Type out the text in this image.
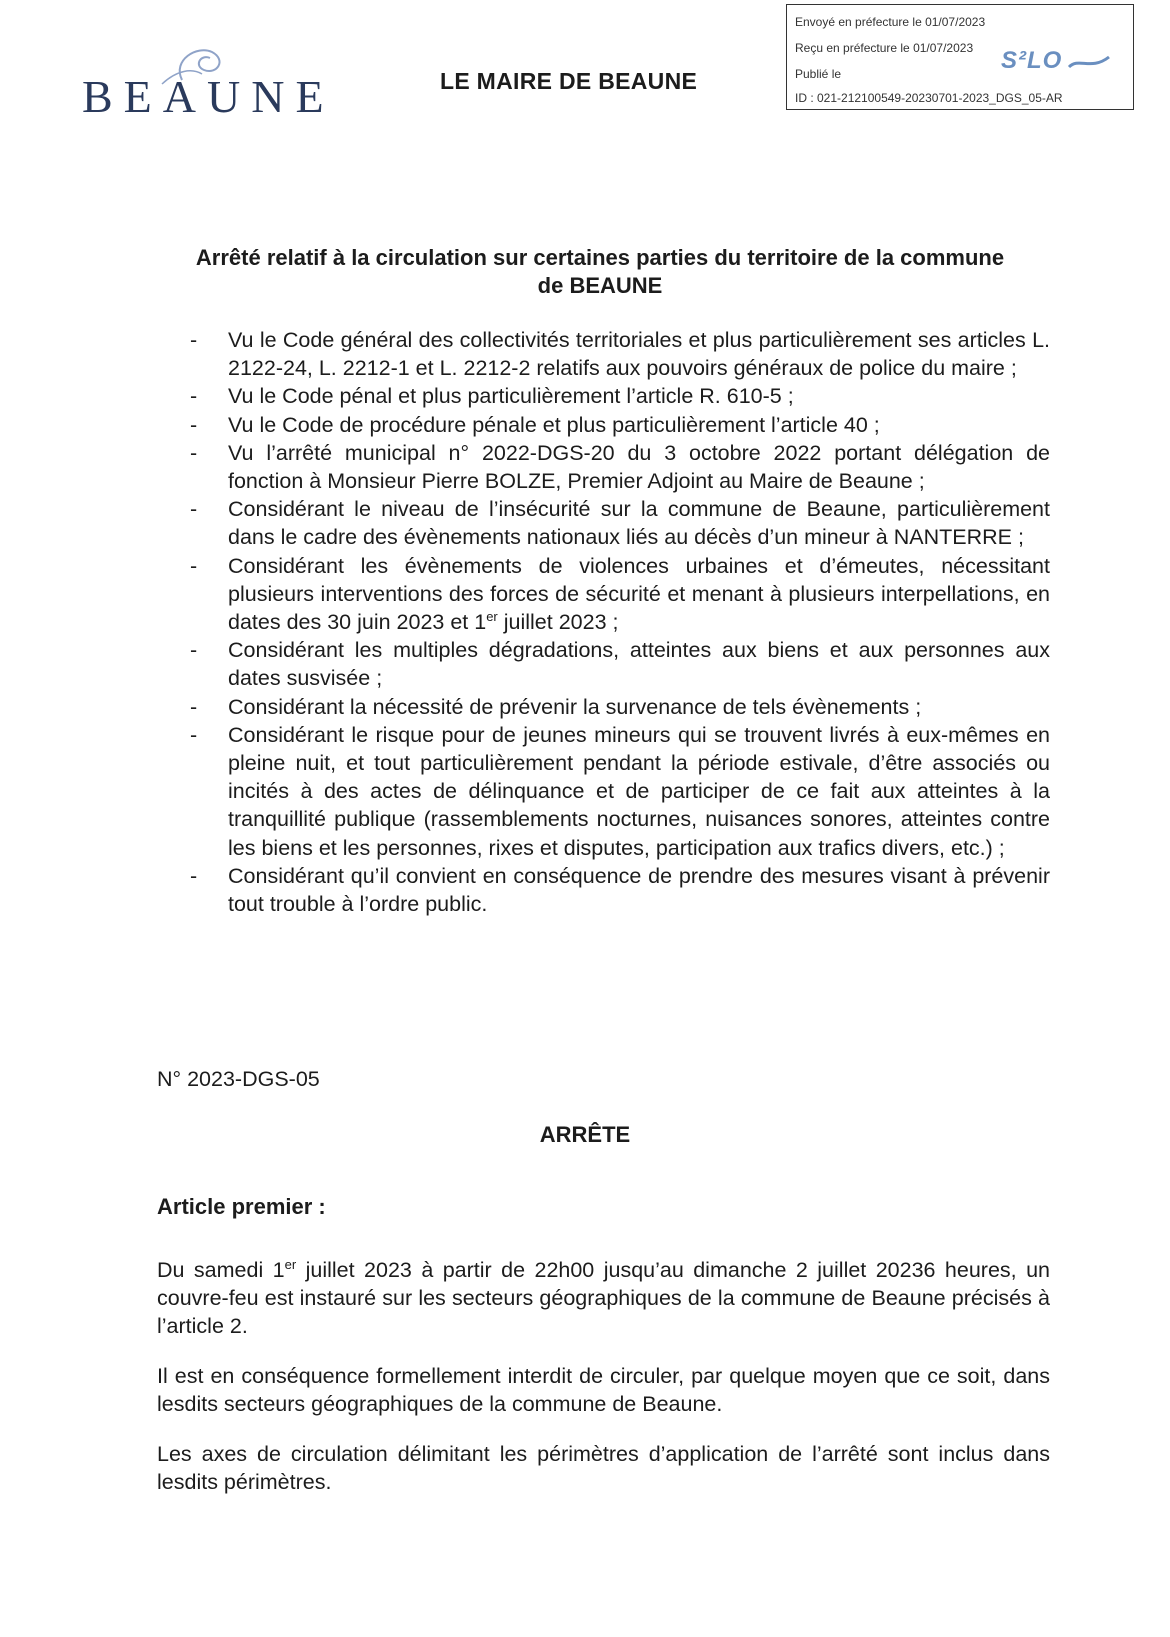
BEAUNE	LE MAIRE DE BEAUNE
Envoyé en préfecture le 01/07/2023
Reçu en préfecture le 01/07/2023
Publié le
ID : 021-212100549-20230701-2023_DGS_05-AR
S²LO
Arrêté relatif à la circulation sur certaines parties du territoire de la commune
de BEAUNE
- Vu le Code général des collectivités territoriales et plus particulièrement ses articles L. 2122-24, L. 2212-1 et L. 2212-2 relatifs aux pouvoirs généraux de police du maire ;
- Vu le Code pénal et plus particulièrement l’article R. 610-5 ;
- Vu le Code de procédure pénale et plus particulièrement l’article 40 ;
- Vu l’arrêté municipal n° 2022-DGS-20 du 3 octobre 2022 portant délégation de fonction à Monsieur Pierre BOLZE, Premier Adjoint au Maire de Beaune ;
- Considérant le niveau de l’insécurité sur la commune de Beaune, particulièrement dans le cadre des évènements nationaux liés au décès d’un mineur à NANTERRE ;
- Considérant les évènements de violences urbaines et d’émeutes, nécessitant plusieurs interventions des forces de sécurité et menant à plusieurs interpellations, en dates des 30 juin 2023 et 1er juillet 2023 ;
- Considérant les multiples dégradations, atteintes aux biens et aux personnes aux dates susvisée ;
- Considérant la nécessité de prévenir la survenance de tels évènements ;
- Considérant le risque pour de jeunes mineurs qui se trouvent livrés à eux-mêmes en pleine nuit, et tout particulièrement pendant la période estivale, d’être associés ou incités à des actes de délinquance et de participer de ce fait aux atteintes à la tranquillité publique (rassemblements nocturnes, nuisances sonores, atteintes contre les biens et les personnes, rixes et disputes, participation aux trafics divers, etc.) ;
- Considérant qu’il convient en conséquence de prendre des mesures visant à prévenir tout trouble à l’ordre public.
N° 2023-DGS-05
ARRÊTE
Article premier :
Du samedi 1er juillet 2023 à partir de 22h00 jusqu’au dimanche 2 juillet 20236 heures, un couvre-feu est instauré sur les secteurs géographiques de la commune de Beaune précisés à l’article 2.
Il est en conséquence formellement interdit de circuler, par quelque moyen que ce soit, dans lesdits secteurs géographiques de la commune de Beaune.
Les axes de circulation délimitant les périmètres d’application de l’arrêté sont inclus dans lesdits périmètres.
